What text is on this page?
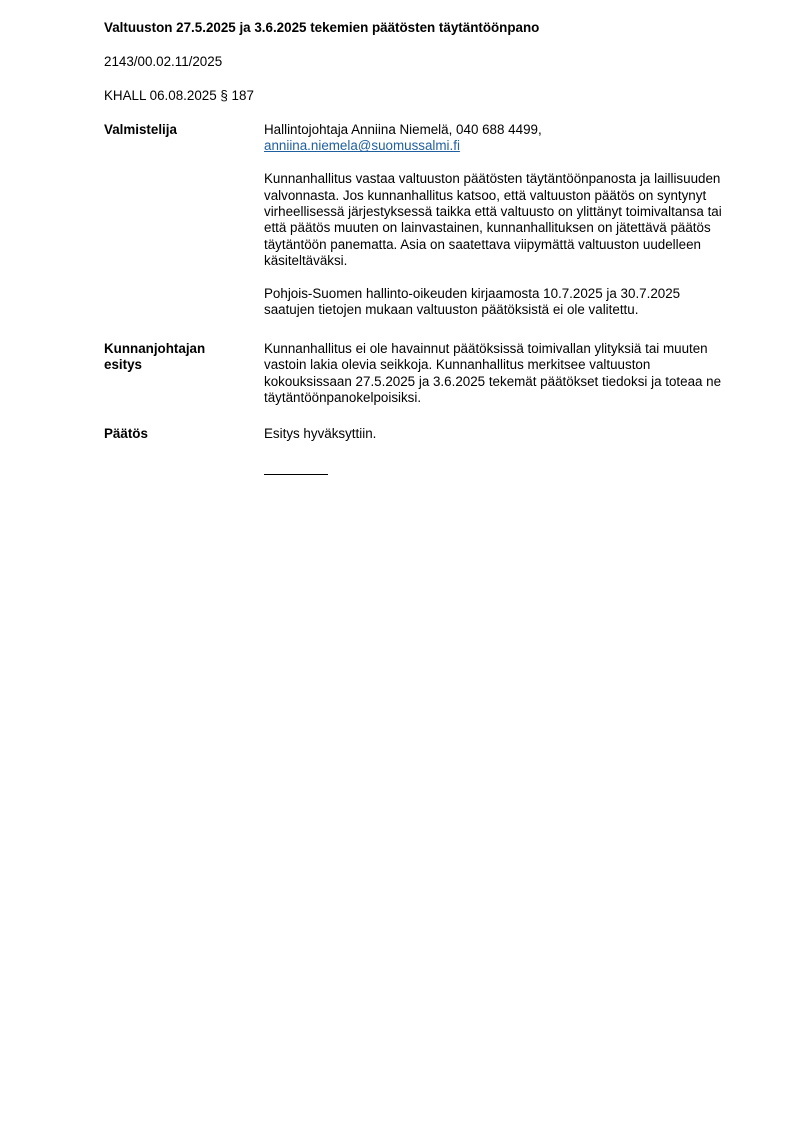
Valtuuston 27.5.2025 ja 3.6.2025 tekemien päätösten täytäntöönpano
2143/00.02.11/2025
KHALL 06.08.2025 § 187
Valmistelija	Hallintojohtaja Anniina Niemelä, 040 688 4499,
anniina.niemela@suomussalmi.fi

Kunnanhallitus vastaa valtuuston päätösten täytäntöönpanosta ja laillisuuden valvonnasta. Jos kunnanhallitus katsoo, että valtuuston päätös on syntynyt virheellisessä järjestyksessä taikka että valtuusto on ylittänyt toimivaltansa tai että päätös muuten on lainvastainen, kunnanhallituksen on jätettävä päätös täytäntöön panematta. Asia on saatettava viipymättä valtuuston uudelleen käsiteltäväksi.

Pohjois-Suomen hallinto-oikeuden kirjaamosta 10.7.2025 ja 30.7.2025 saatujen tietojen mukaan valtuuston päätöksistä ei ole valitettu.

Kunnanjohtajan
esitys

Kunnanhallitus ei ole havainnut päätöksissä toimivallan ylityksiä tai muuten vastoin lakia olevia seikkoja. Kunnanhallitus merkitsee valtuuston kokouksissaan 27.5.2025 ja 3.6.2025 tekemät päätökset tiedoksi ja toteaa ne täytäntöönpanokelpoisiksi.

Päätös	Esitys hyväksyttiin.
